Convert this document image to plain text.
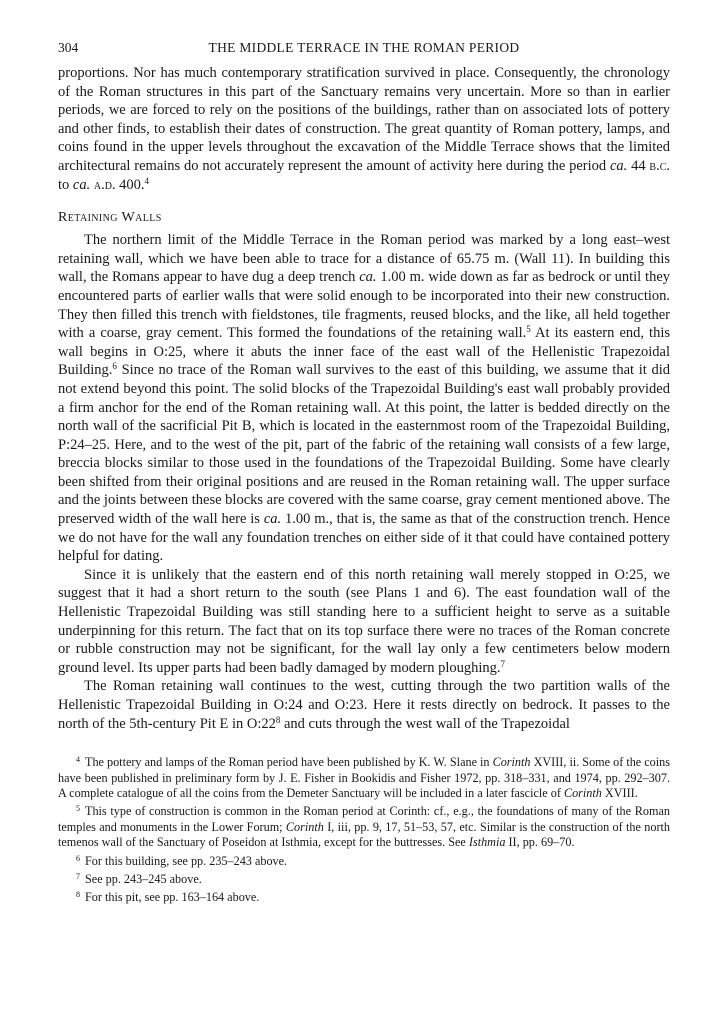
304	THE MIDDLE TERRACE IN THE ROMAN PERIOD

proportions. Nor has much contemporary stratification survived in place. Consequently, the chronology of the Roman structures in this part of the Sanctuary remains very uncertain. More so than in earlier periods, we are forced to rely on the positions of the buildings, rather than on associated lots of pottery and other finds, to establish their dates of construction. The great quantity of Roman pottery, lamps, and coins found in the upper levels throughout the excavation of the Middle Terrace shows that the limited architectural remains do not accurately represent the amount of activity here during the period ca. 44 b.c. to ca. a.d. 400.$^4$

Retaining Walls

The northern limit of the Middle Terrace in the Roman period was marked by a long east–west retaining wall, which we have been able to trace for a distance of 65.75 m. (Wall 11). In building this wall, the Romans appear to have dug a deep trench ca. 1.00 m. wide down as far as bedrock or until they encountered parts of earlier walls that were solid enough to be incorporated into their new construction. They then filled this trench with fieldstones, tile fragments, reused blocks, and the like, all held together with a coarse, gray cement. This formed the foundations of the retaining wall.$^5$ At its eastern end, this wall begins in O:25, where it abuts the inner face of the east wall of the Hellenistic Trapezoidal Building.$^6$ Since no trace of the Roman wall survives to the east of this building, we assume that it did not extend beyond this point. The solid blocks of the Trapezoidal Building's east wall probably provided a firm anchor for the end of the Roman retaining wall. At this point, the latter is bedded directly on the north wall of the sacrificial Pit B, which is located in the easternmost room of the Trapezoidal Building, P:24–25. Here, and to the west of the pit, part of the fabric of the retaining wall consists of a few large, breccia blocks similar to those used in the foundations of the Trapezoidal Building. Some have clearly been shifted from their original positions and are reused in the Roman retaining wall. The upper surface and the joints between these blocks are covered with the same coarse, gray cement mentioned above. The preserved width of the wall here is ca. 1.00 m., that is, the same as that of the construction trench. Hence we do not have for the wall any foundation trenches on either side of it that could have contained pottery helpful for dating.

Since it is unlikely that the eastern end of this north retaining wall merely stopped in O:25, we suggest that it had a short return to the south (see Plans 1 and 6). The east foundation wall of the Hellenistic Trapezoidal Building was still standing here to a sufficient height to serve as a suitable underpinning for this return. The fact that on its top surface there were no traces of the Roman concrete or rubble construction may not be significant, for the wall lay only a few centimeters below modern ground level. Its upper parts had been badly damaged by modern ploughing.$^7$

The Roman retaining wall continues to the west, cutting through the two partition walls of the Hellenistic Trapezoidal Building in O:24 and O:23. Here it rests directly on bedrock. It passes to the north of the 5th-century Pit E in $O:22^8$ and cuts through the west wall of the Trapezoidal

$^4$ The pottery and lamps of the Roman period have been published by K. W. Slane in Corinth XVIII, ii. Some of the coins have been published in preliminary form by J. E. Fisher in Bookidis and Fisher 1972, pp. 318–331, and 1974, pp. 292–307. A complete catalogue of all the coins from the Demeter Sanctuary will be included in a later fascicle of Corinth XVIII.

$^5$ This type of construction is common in the Roman period at Corinth: cf., e.g., the foundations of many of the Roman temples and monuments in the Lower Forum; Corinth I, iii, pp. 9, 17, 51–53, 57, etc. Similar is the construction of the north temenos wall of the Sanctuary of Poseidon at Isthmia, except for the buttresses. See Isthmia II, pp. 69–70.

$^6$ For this building, see pp. 235–243 above.

$^7$ See pp. 243–245 above.

$^8$ For this pit, see pp. 163–164 above.
